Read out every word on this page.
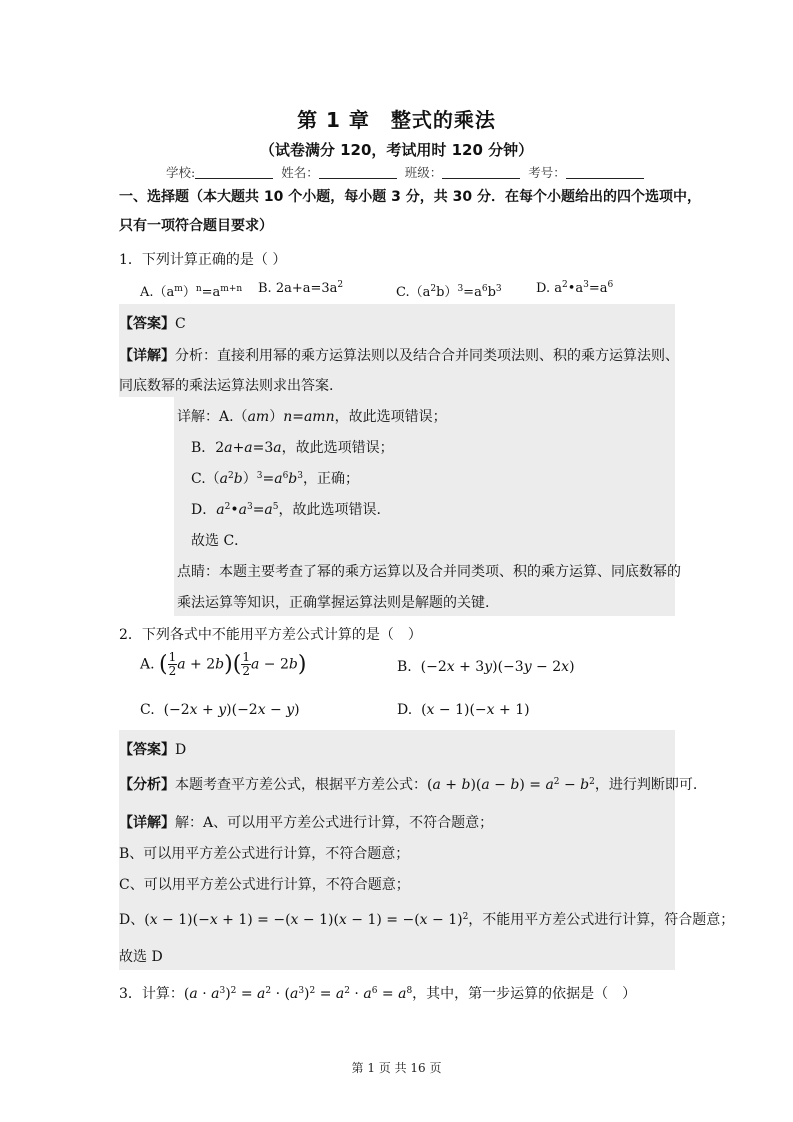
第 1 章　整式的乘法
（试卷满分 120，考试用时 120 分钟）
学校:	姓名：	班级：	考号：
一、选择题（本大题共 10 个小题，每小题 3 分，共 30 分．在每个小题给出的四个选项中，
只有一项符合题目要求）
1．下列计算正确的是（ ）
$A.(a^m)^n=a^{m+n}$ B. $2a+a=3a^2$	$C.(a^2b)^3=a^6b^3$	D. $a^2•a^3=a^6$
【答案】C
【详解】分析：直接利用幂的乘方运算法则以及结合合并同类项法则、积的乘方运算法则、
同底数幂的乘法运算法则求出答案.
详解：A.（am）n=amn，故此选项错误；
B．2a+a=3a，故此选项错误；
$C.(a^2b)^3=a^6b^3$，正确；
D．$a^2•a^3=a^5$，故此选项错误.
故选 C．
点睛：本题主要考查了幂的乘方运算以及合并同类项、积的乘方运算、同底数幂的
乘法运算等知识，正确掌握运算法则是解题的关键.
2．下列各式中不能用平方差公式计算的是（　）
A. ( $\frac{1}{2}$ $a + 2b)( \frac{1}{2}$ a − 2b)	B.  (−2x + 3y)(−3y − 2x)
C.  (−2x + y)(−2x − y)	D.  (x − 1)(−x + 1)
【答案】D
【分析】本题考查平方差公式，根据平方差公式：$(a + b)(a - b) = a^2 - b^2$，进行判断即可.
【详解】解：A、可以用平方差公式进行计算，不符合题意；
B、可以用平方差公式进行计算，不符合题意；
C、可以用平方差公式进行计算，不符合题意；
D、$(x - 1)(-x + 1) = -(x - 1)(x - 1) = -(x - 1)^2$，不能用平方差公式进行计算，符合题意；
故选 D
3．计算：$(a \cdot a^3)^2 = a^2 \cdot (a^3)^2 = a^2 \cdot a^6 = a^8$，其中，第一步运算的依据是（　）
第 1 页 共 16 页
